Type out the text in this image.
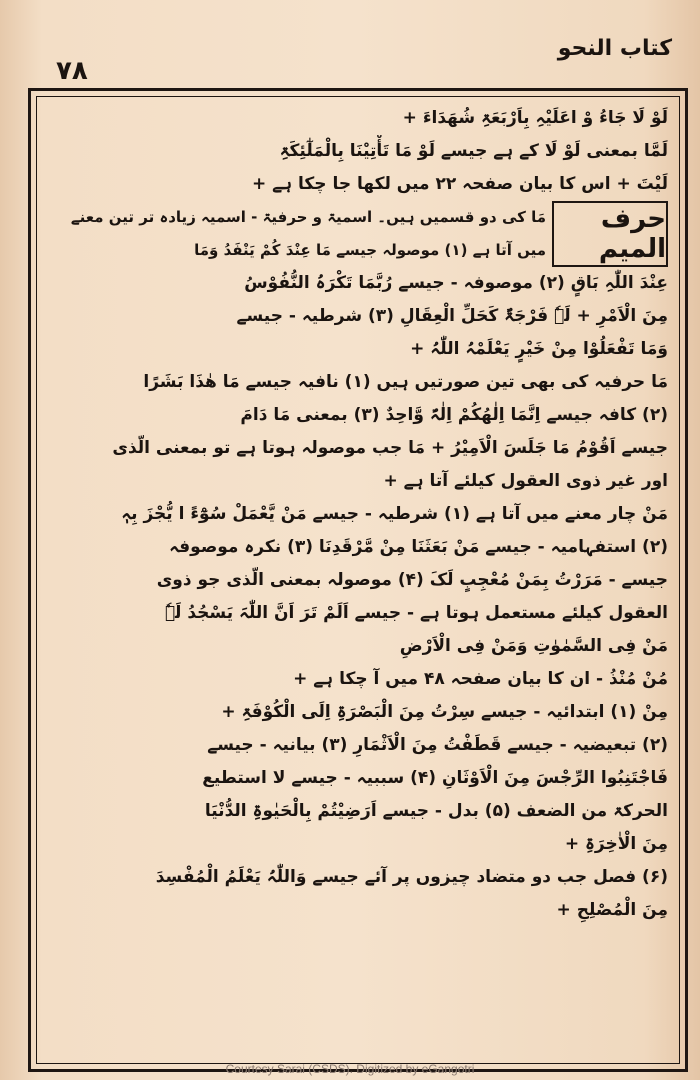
کتاب النحو
۷۸
لَوْ لَا جَاءُ وْ اعَلَیْہِ بِاَرْبَعَۃِ شُھَدَاءَ +
لَمَّا بمعنی لَوْ لَا کے ہے جیسے لَوْ مَا تَأْتِیْنَا بِالْمَلٰٓئِکَۃِ
لَیْتَ + اس کا بیان صفحہ ۲۲ میں لکھا جا چکا ہے +
حرف المیم
مَا کی دو قسمیں ہیں۔ اسمیۃ و حرفیۃ - اسمیہ زیادہ تر تین معنے
میں آتا ہے (۱) موصولہ جیسے مَا عِنْدَ کُمْ یَنْفَدُ وَمَا
عِنْدَ اللّٰہِ بَاقٍ (۲) موصوفہ - جیسے رُبَّمَا تَکْرَہُ النُّفُوْسُ
مِنَ الْاَمْرِ + لَہٗ فَرْجَۃٌ کَحَلِّ الْعِقَالِ (۳) شرطیہ - جیسے
وَمَا تَفْعَلُوْا مِنْ خَیْرٍ یَعْلَمْہُ اللّٰہُ +
مَا حرفیہ کی بھی تین صورتیں ہیں (۱) نافیہ جیسے مَا ھٰذَا بَشَرًا
(۲) کافہ جیسے اِنَّمَا اِلٰھُکُمْ اِلٰہٌ وَّاحِدٌ (۳) بمعنی مَا دَامَ
جیسے اَقُوْمُ مَا جَلَسَ الْاَمِیْرُ + مَا جب موصولہ ہوتا ہے تو بمعنی الّذی
اور غیر ذوی العقول کیلئے آتا ہے +
مَنْ چار معنے میں آتا ہے (۱) شرطیہ - جیسے مَنْ یَّعْمَلْ سُوْٓءً ا یُّجْزَ بِہٖ
(۲) استفہامیہ - جیسے مَنْ بَعَثَنَا مِنْ مَّرْقَدِنَا (۳) نکرہ موصوفہ
جیسے - مَرَرْتُ بِمَنْ مُعْجِبٍ لَکَ (۴) موصولہ بمعنی الّذی جو ذوی
العقول کیلئے مستعمل ہوتا ہے - جیسے اَلَمْ تَرَ اَنَّ اللّٰہَ یَسْجُدُ لَہٗ
مَنْ فِی السَّمٰوٰتِ وَمَنْ فِی الْاَرْضِ
مُنْ مُنْذُ - ان کا بیان صفحہ ۴۸ میں آ چکا ہے +
مِنْ (۱) ابتدائیہ - جیسے سِرْتُ مِنَ الْبَصْرَۃِ اِلَی الْکُوْفَۃِ +
(۲) تبعیضیہ - جیسے قَطَفْتُ مِنَ الْاَثْمَارِ (۳) بیانیہ - جیسے
فَاجْتَنِبُوا الرِّجْسَ مِنَ الْاَوْثَانِ (۴) سببیہ - جیسے لا استطیع
الحرکۃ من الضعف (۵) بدل - جیسے اَرَضِیْتُمْ بِالْحَیٰوۃِ الدُّنْیَا
مِنَ الْاٰخِرَۃِ +
(۶) فصل جب دو متضاد چیزوں پر آئے جیسے وَاللّٰہُ یَعْلَمُ الْمُفْسِدَ
مِنَ الْمُصْلِحِ +
Courtesy Sarai (CSDS). Digitized by eGangotri
